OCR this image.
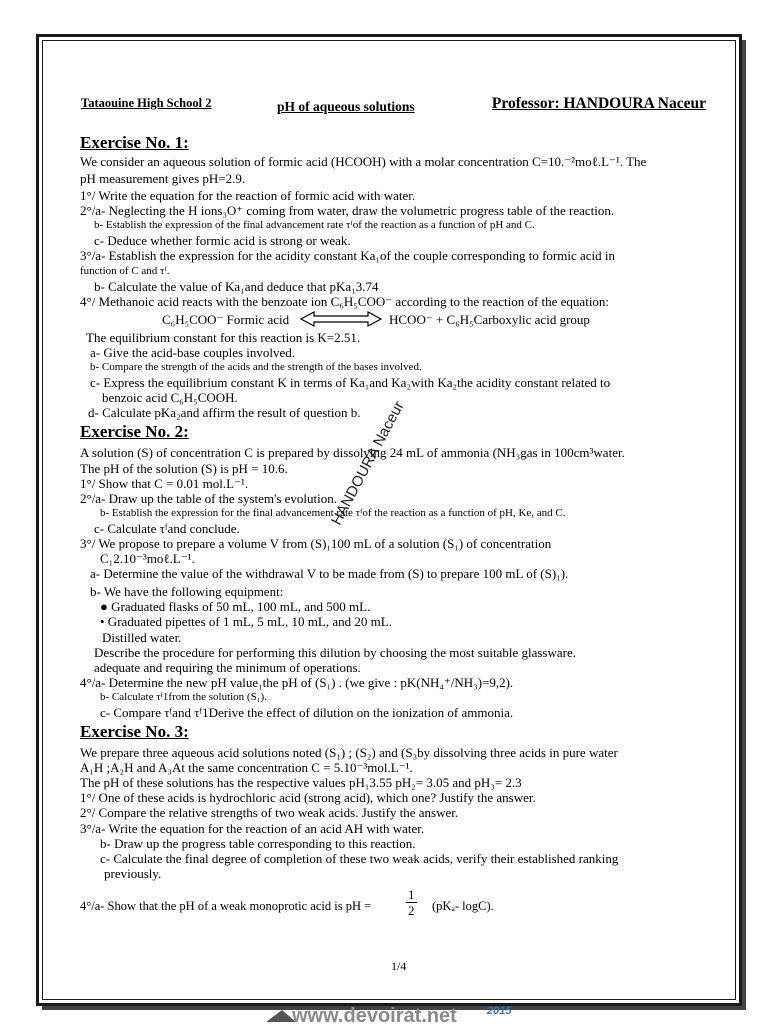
Tataouine High School 2	pH of aqueous solutions	Professor: HANDOURA Naceur
Exercise No. 1:
We consider an aqueous solution of formic acid (HCOOH) with a molar concentration C=10.⁻²moℓ.L⁻¹. The
pH measurement gives pH=2.9.
1°/ Write the equation for the reaction of formic acid with water.
2°/a- Neglecting the H ions₃O⁺ coming from water, draw the volumetric progress table of the reaction.
b- Establish the expression of the final advancement rate τᶠof the reaction as a function of pH and C.
c- Deduce whether formic acid is strong or weak.
3°/a- Establish the expression for the acidity constant Ka₁of the couple corresponding to formic acid in
function of C and τᶠ.
b- Calculate the value of Ka₁and deduce that pKa₁3.74
4°/ Methanoic acid reacts with the benzoate ion C₆H₅COO⁻ according to the reaction of the equation:
C₆H₅COO⁻ Formic acid	HCOO⁻ + C₆H₅Carboxylic acid group
The equilibrium constant for this reaction is K=2.51.
a- Give the acid-base couples involved.
b- Compare the strength of the acids and the strength of the bases involved.
c- Express the equilibrium constant K in terms of Ka₁and Ka₂with Ka₂the acidity constant related to
benzoic acid C₆H₅COOH.
d- Calculate pKa₂and affirm the result of question b.
Exercise No. 2:
A solution (S) of concentration C is prepared by dissolving 24 mL of ammonia (NH₃gas in 100cm³water.
The pH of the solution (S) is pH = 10.6.
1°/ Show that C = 0.01 mol.L⁻¹.
2°/a- Draw up the table of the system's evolution.
b- Establish the expression for the final advancement rate τᶠof the reaction as a function of pH, Ke, and C.
c- Calculate τᶠand conclude.
3°/ We propose to prepare a volume V from (S)₁100 mL of a solution (S₁) of concentration
C₁2.10⁻³moℓ.L⁻¹.
a- Determine the value of the withdrawal V to be made from (S) to prepare 100 mL of (S)₁).
b- We have the following equipment:
● Graduated flasks of 50 mL, 100 mL, and 500 mL.
• Graduated pipettes of 1 mL, 5 mL, 10 mL, and 20 mL.
Distilled water.
Describe the procedure for performing this dilution by choosing the most suitable glassware.
adequate and requiring the minimum of operations.
4°/a- Determine the new pH value₁the pH of (S₁) . (we give : pK(NH₄⁺/NH₃)=9,2).
b- Calculate τᶠ1from the solution (S₁).
c- Compare τᶠand τᶠ1Derive the effect of dilution on the ionization of ammonia.
Exercise No. 3:
We prepare three aqueous acid solutions noted (S₁) ; (S₂) and (S₃by dissolving three acids in pure water
A₁H ;A₂H and A₃At the same concentration C = 5.10⁻³mol.L⁻¹.
The pH of these solutions has the respective values pH₁3.55 pH₂= 3.05 and pH₃= 2.3
1°/ One of these acids is hydrochloric acid (strong acid), which one? Justify the answer.
2°/ Compare the relative strengths of two weak acids. Justify the answer.
3°/a- Write the equation for the reaction of an acid AH with water.
b- Draw up the progress table corresponding to this reaction.
c- Calculate the final degree of completion of these two weak acids, verify their established ranking
previously.
4°/a- Show that the pH of a weak monoprotic acid is pH =	$\frac{1}{2} (pK_a-$ logC).
HANDOURA Naceur
1/4
www.devoirat.net	2015
